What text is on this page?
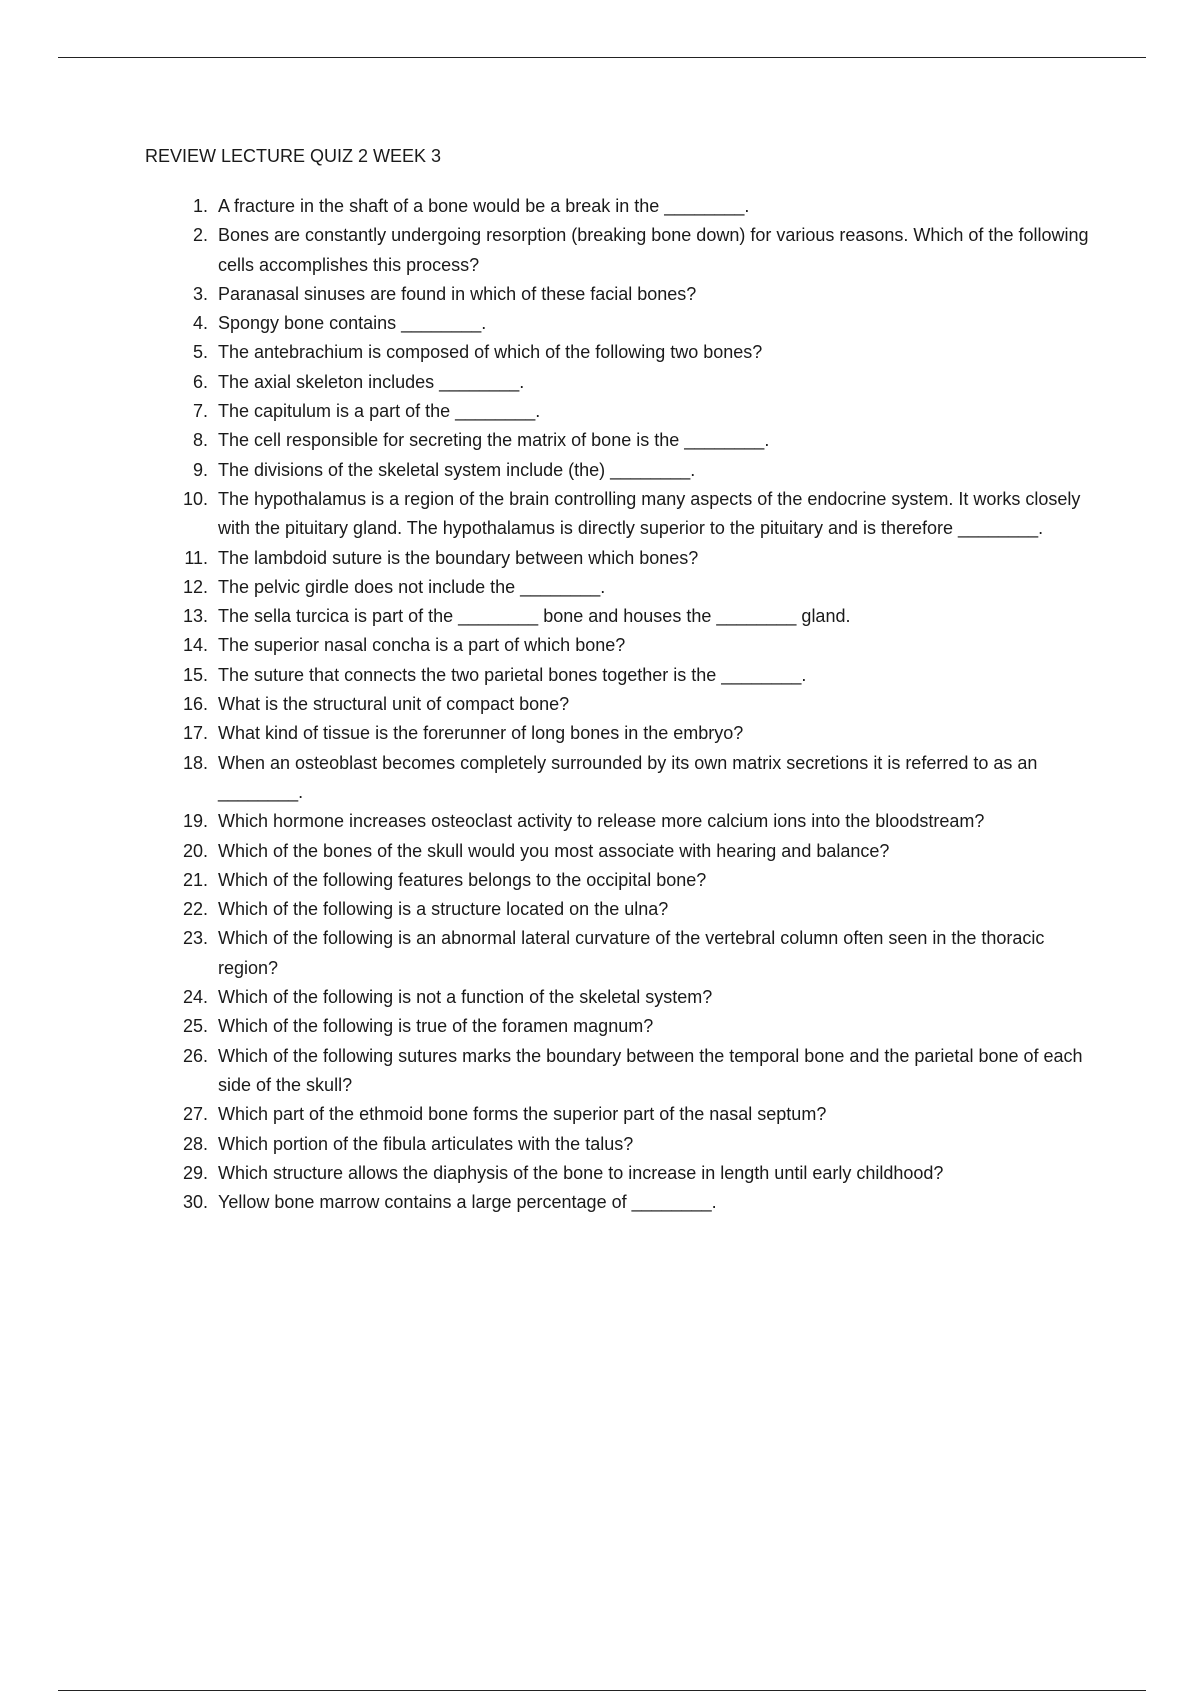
REVIEW LECTURE QUIZ 2 WEEK 3
1. A fracture in the shaft of a bone would be a break in the ________.
2. Bones are constantly undergoing resorption (breaking bone down) for various reasons. Which of the following cells accomplishes this process?
3. Paranasal sinuses are found in which of these facial bones?
4. Spongy bone contains ________.
5. The antebrachium is composed of which of the following two bones?
6. The axial skeleton includes ________.
7. The capitulum is a part of the ________.
8. The cell responsible for secreting the matrix of bone is the ________.
9. The divisions of the skeletal system include (the) ________.
10. The hypothalamus is a region of the brain controlling many aspects of the endocrine system. It works closely with the pituitary gland. The hypothalamus is directly superior to the pituitary and is therefore ________.
11. The lambdoid suture is the boundary between which bones?
12. The pelvic girdle does not include the ________.
13. The sella turcica is part of the ________ bone and houses the ________ gland.
14. The superior nasal concha is a part of which bone?
15. The suture that connects the two parietal bones together is the ________.
16. What is the structural unit of compact bone?
17. What kind of tissue is the forerunner of long bones in the embryo?
18. When an osteoblast becomes completely surrounded by its own matrix secretions it is referred to as an ________.
19. Which hormone increases osteoclast activity to release more calcium ions into the bloodstream?
20. Which of the bones of the skull would you most associate with hearing and balance?
21. Which of the following features belongs to the occipital bone?
22. Which of the following is a structure located on the ulna?
23. Which of the following is an abnormal lateral curvature of the vertebral column often seen in the thoracic region?
24. Which of the following is not a function of the skeletal system?
25. Which of the following is true of the foramen magnum?
26. Which of the following sutures marks the boundary between the temporal bone and the parietal bone of each side of the skull?
27. Which part of the ethmoid bone forms the superior part of the nasal septum?
28. Which portion of the fibula articulates with the talus?
29. Which structure allows the diaphysis of the bone to increase in length until early childhood?
30. Yellow bone marrow contains a large percentage of ________.
